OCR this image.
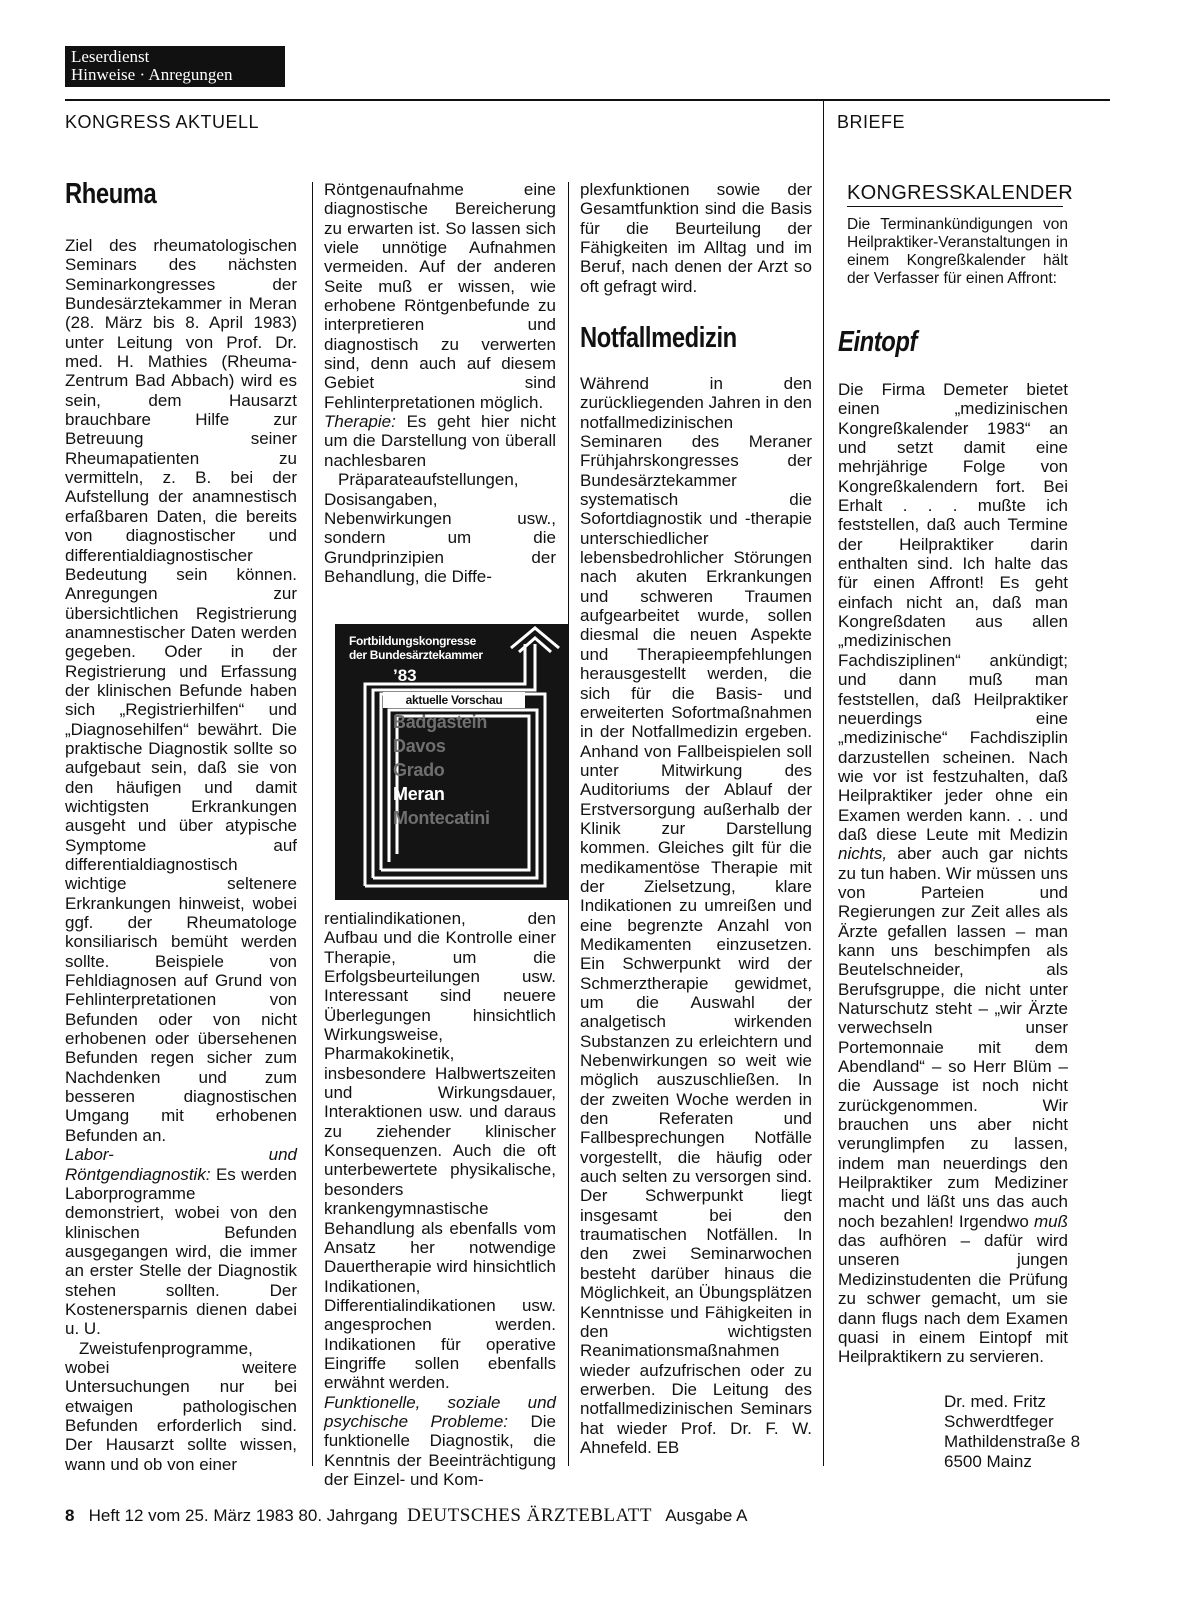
Leserdienst
Hinweise · Anregungen
KONGRESS AKTUELL	BRIEFE
Rheuma

Ziel des rheumatologischen Seminars des nächsten Seminarkongresses der Bundesärztekammer in Meran (28. März bis 8. April 1983) unter Leitung von Prof. Dr. med. H. Mathies (Rheuma-Zentrum Bad Abbach) wird es sein, dem Hausarzt brauchbare Hilfe zur Betreuung seiner Rheumapatienten zu vermitteln, z. B. bei der Aufstellung der anamnestisch erfaßbaren Daten, die bereits von diagnostischer und differentialdiagnostischer Bedeutung sein können. Anregungen zur übersichtlichen Registrierung anamnestischer Daten werden gegeben. Oder in der Registrierung und Erfassung der klinischen Befunde haben sich „Registrierhilfen“ und „Diagnosehilfen“ bewährt. Die praktische Diagnostik sollte so aufgebaut sein, daß sie von den häufigen und damit wichtigsten Erkrankungen ausgeht und über atypische Symptome auf differentialdiagnostisch wichtige seltenere Erkrankungen hinweist, wobei ggf. der Rheumatologe konsiliarisch bemüht werden sollte. Beispiele von Fehldiagnosen auf Grund von Fehlinterpretationen von Befunden oder von nicht erhobenen oder übersehenen Befunden regen sicher zum Nachdenken und zum besseren diagnostischen Umgang mit erhobenen Befunden an.

Labor- und Röntgendiagnostik: Es werden Laborprogramme demonstriert, wobei von den klinischen Befunden ausgegangen wird, die immer an erster Stelle der Diagnostik stehen sollten. Der Kostenersparnis dienen dabei u. U.

Zweistufenprogramme, wobei weitere Untersuchungen nur bei etwaigen pathologischen Befunden erforderlich sind. Der Hausarzt sollte wissen, wann und ob von einer

Röntgenaufnahme eine diagnostische Bereicherung zu erwarten ist. So lassen sich viele unnötige Aufnahmen vermeiden. Auf der anderen Seite muß er wissen, wie erhobene Röntgenbefunde zu interpretieren und diagnostisch zu verwerten sind, denn auch auf diesem Gebiet sind Fehlinterpretationen möglich.

Therapie: Es geht hier nicht um die Darstellung von überall nachlesbaren

Präparateaufstellungen, Dosisangaben, Nebenwirkungen usw., sondern um die Grundprinzipien der Behandlung, die Diffe-

Fortbildungskongresse
der Bundesärztekammer
’83
aktuelle Vorschau
Badgastein
Davos
Grado
Meran
Montecatini

rentialindikationen, den Aufbau und die Kontrolle einer Therapie, um die Erfolgsbeurteilungen usw. Interessant sind neuere Überlegungen hinsichtlich Wirkungsweise, Pharmakokinetik, insbesondere Halbwertszeiten und Wirkungsdauer, Interaktionen usw. und daraus zu ziehender klinischer Konsequenzen. Auch die oft unterbewertete physikalische, besonders krankengymnastische Behandlung als ebenfalls vom Ansatz her notwendige Dauertherapie wird hinsichtlich Indikationen, Differentialindikationen usw. angesprochen werden. Indikationen für operative Eingriffe sollen ebenfalls erwähnt werden.

Funktionelle, soziale und psychische Probleme: Die funktionelle Diagnostik, die Kenntnis der Beeinträchtigung der Einzel- und Kom-

plexfunktionen sowie der Gesamtfunktion sind die Basis für die Beurteilung der Fähigkeiten im Alltag und im Beruf, nach denen der Arzt so oft gefragt wird.

Notfallmedizin

Während in den zurückliegenden Jahren in den notfallmedizinischen Seminaren des Meraner Frühjahrskongresses der Bundesärztekammer systematisch die Sofortdiagnostik und -therapie unterschiedlicher lebensbedrohlicher Störungen nach akuten Erkrankungen und schweren Traumen aufgearbeitet wurde, sollen diesmal die neuen Aspekte und Therapieempfehlungen herausgestellt werden, die sich für die Basis- und erweiterten Sofortmaßnahmen in der Notfallmedizin ergeben. Anhand von Fallbeispielen soll unter Mitwirkung des Auditoriums der Ablauf der Erstversorgung außerhalb der Klinik zur Darstellung kommen. Gleiches gilt für die medikamentöse Therapie mit der Zielsetzung, klare Indikationen zu umreißen und eine begrenzte Anzahl von Medikamenten einzusetzen. Ein Schwerpunkt wird der Schmerztherapie gewidmet, um die Auswahl der analgetisch wirkenden Substanzen zu erleichtern und Nebenwirkungen so weit wie möglich auszuschließen. In der zweiten Woche werden in den Referaten und Fallbesprechungen Notfälle vorgestellt, die häufig oder auch selten zu versorgen sind. Der Schwerpunkt liegt insgesamt bei den traumatischen Notfällen. In den zwei Seminarwochen besteht darüber hinaus die Möglichkeit, an Übungsplätzen Kenntnisse und Fähigkeiten in den wichtigsten Reanimationsmaßnahmen wieder aufzufrischen oder zu erwerben. Die Leitung des notfallmedizinischen Seminars hat wieder Prof. Dr. F. W. Ahnefeld. EB

KONGRESSKALENDER
Die Terminankündigungen von Heilpraktiker-Veranstaltungen in einem Kongreßkalender hält der Verfasser für einen Affront:
Eintopf

Die Firma Demeter bietet einen „medizinischen Kongreßkalender 1983“ an und setzt damit eine mehrjährige Folge von Kongreßkalendern fort. Bei Erhalt . . . mußte ich feststellen, daß auch Termine der Heilpraktiker darin enthalten sind. Ich halte das für einen Affront! Es geht einfach nicht an, daß man Kongreßdaten aus allen „medizinischen Fachdisziplinen“ ankündigt; und dann muß man feststellen, daß Heilpraktiker neuerdings eine „medizinische“ Fachdisziplin darzustellen scheinen. Nach wie vor ist festzuhalten, daß Heilpraktiker jeder ohne ein Examen werden kann. . . und daß diese Leute mit Medizin nichts, aber auch gar nichts zu tun haben. Wir müssen uns von Parteien und Regierungen zur Zeit alles als Ärzte gefallen lassen – man kann uns beschimpfen als Beutelschneider, als Berufsgruppe, die nicht unter Naturschutz steht – „wir Ärzte verwechseln unser Portemonnaie mit dem Abendland“ – so Herr Blüm – die Aussage ist noch nicht zurückgenommen. Wir brauchen uns aber nicht verunglimpfen zu lassen, indem man neuerdings den Heilpraktiker zum Mediziner macht und läßt uns das auch noch bezahlen! Irgendwo muß das aufhören – dafür wird unseren jungen Medizinstudenten die Prüfung zu schwer gemacht, um sie dann flugs nach dem Examen quasi in einem Eintopf mit Heilpraktikern zu servieren.

Dr. med. Fritz
Schwerdtfeger
Mathildenstraße 8
6500 Mainz
8 Heft 12 vom 25. März 1983 80. Jahrgang DEUTSCHES ÄRZTEBLATT Ausgabe A
